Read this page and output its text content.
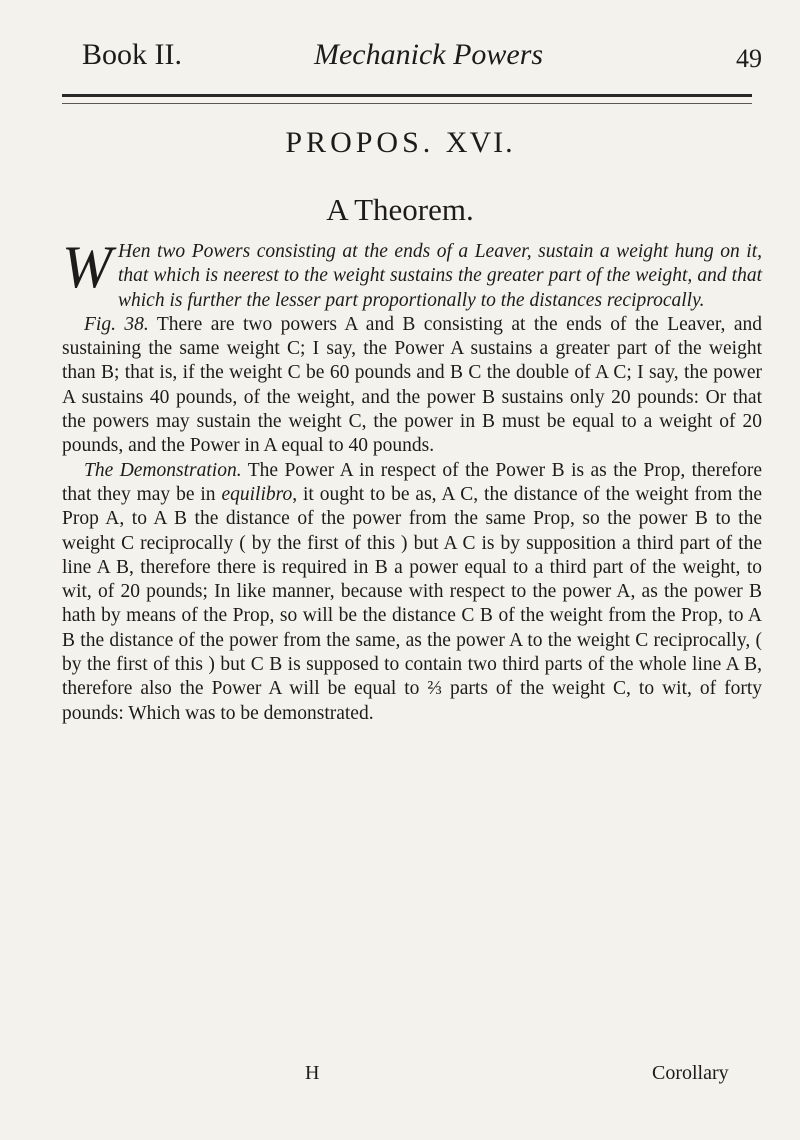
Book II.	Mechanick Powers	49
PROPOS. XVI.
A Theorem.

W Hen two Powers consisting at the ends of a Leaver, sustain a weight hung on it, that which is neerest to the weight sustains the greater part of the weight, and that which is further the lesser part proportionally to the distances reciprocally.

Fig. 38. There are two powers A and B consisting at the ends of the Leaver, and sustaining the same weight C; I say, the Power A sustains a greater part of the weight than B; that is, if the weight C be 60 pounds and B C the double of A C; I say, the power A sustains 40 pounds, of the weight, and the power B sustains only 20 pounds: Or that the powers may sustain the weight C, the power in B must be equal to a weight of 20 pounds, and the Power in A equal to 40 pounds.

The Demonstration. The Power A in respect of the Power B is as the Prop, therefore that they may be in equilibro, it ought to be as, A C, the distance of the weight from the Prop A, to A B the distance of the power from the same Prop, so the power B to the weight C reciprocally ( by the first of this ) but A C is by supposition a third part of the line A B, therefore there is required in B a power equal to a third part of the weight, to wit, of 20 pounds; In like manner, because with respect to the power A, as the power B hath by means of the Prop, so will be the distance C B of the weight from the Prop, to A B the distance of the power from the same, as the power A to the weight C reciprocally, ( by the first of this ) but C B is supposed to contain two third parts of the whole line A B, therefore also the Power A will be equal to ⅔ parts of the weight C, to wit, of forty pounds: Which was to be demonstrated.

H	Corollary
